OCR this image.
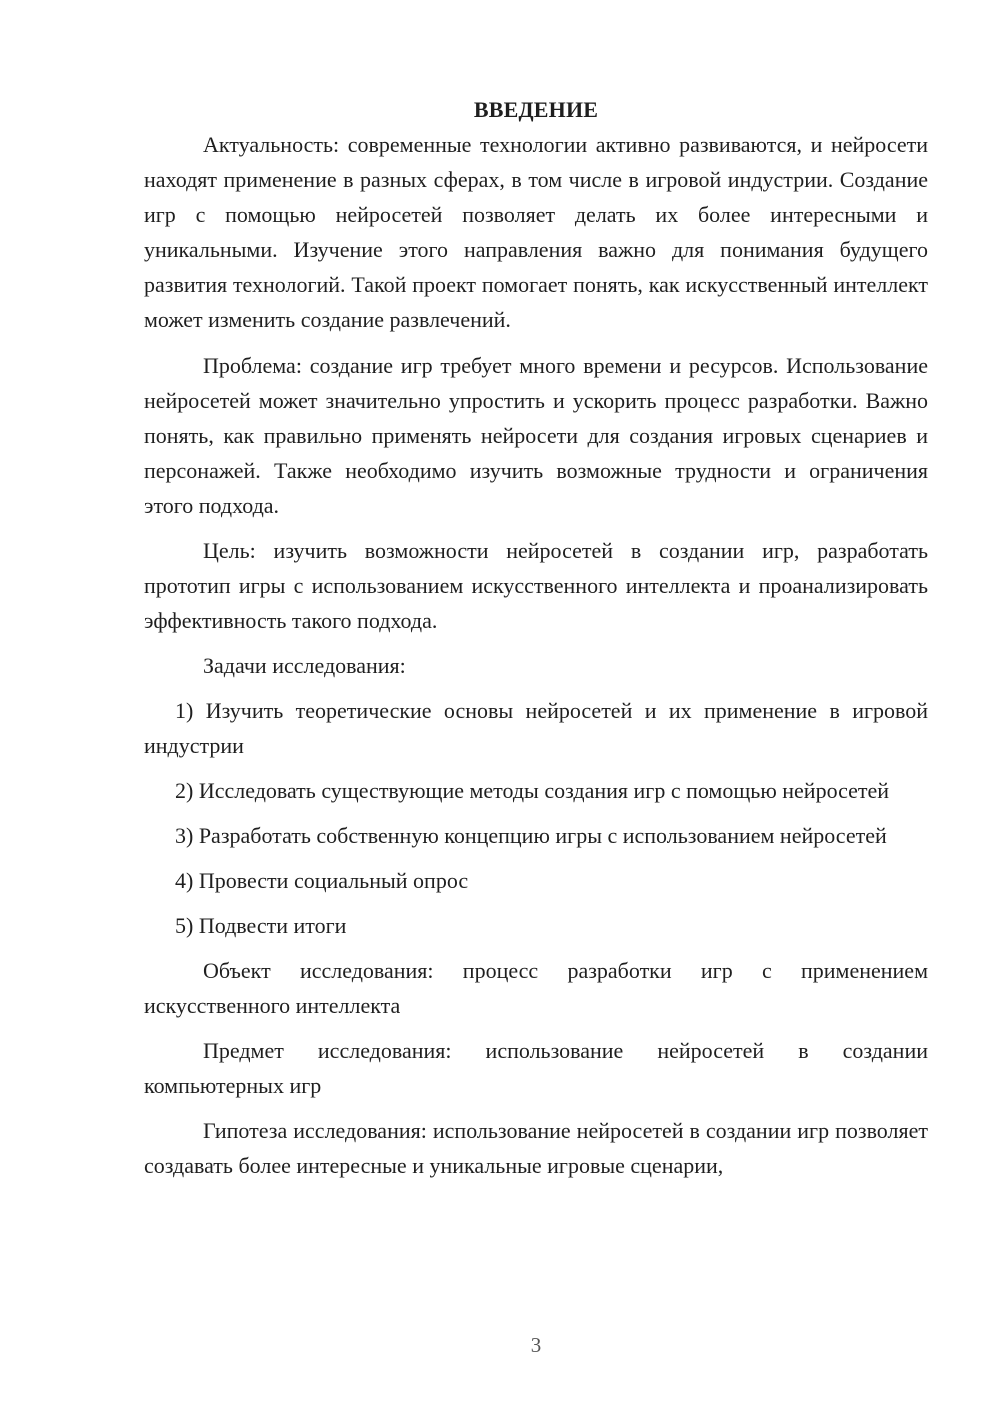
ВВЕДЕНИЕ

Актуальность: современные технологии активно развиваются, и нейросети находят применение в разных сферах, в том числе в игровой индустрии. Создание игр с помощью нейросетей позволяет делать их более интересными и уникальными. Изучение этого направления важно для понимания будущего развития технологий. Такой проект помогает понять, как искусственный интеллект может изменить создание развлечений.

Проблема: создание игр требует много времени и ресурсов. Использование нейросетей может значительно упростить и ускорить процесс разработки. Важно понять, как правильно применять нейросети для создания игровых сценариев и персонажей. Также необходимо изучить возможные трудности и ограничения этого подхода.

Цель: изучить возможности нейросетей в создании игр, разработать прототип игры с использованием искусственного интеллекта и проанализировать эффективность такого подхода.

Задачи исследования:

1) Изучить теоретические основы нейросетей и их применение в игровой индустрии

2) Исследовать существующие методы создания игр с помощью нейросетей

3) Разработать собственную концепцию игры с использованием нейросетей

4) Провести социальный опрос

5) Подвести итоги

Объект исследования: процесс разработки игр с применением искусственного интеллекта

Предмет исследования: использование нейросетей в создании компьютерных игр

Гипотеза исследования: использование нейросетей в создании игр позволяет создавать более интересные и уникальные игровые сценарии,

3
